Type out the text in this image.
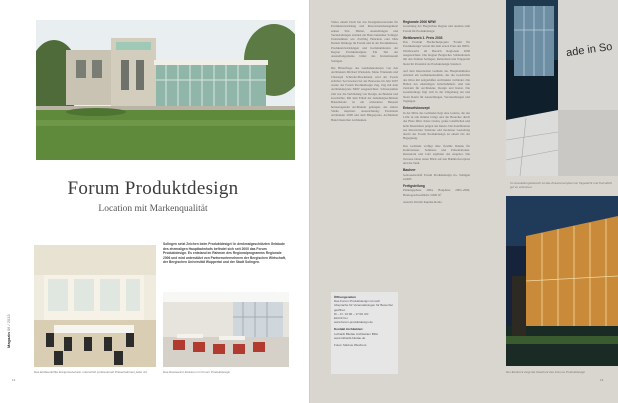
Forum Produktdesign
Location mit Markenqualität
Solingen setzt Zeichen beim Produktdesign! In denkmalgeschützten Gebäude des ehemaligen Hauptbahnhofs befindet sich seit 2000 das Forum Produktdesign. Es entstand im Rahmen des Regionalprogramms Regionale 2006 und wird unterstützt von Partnerunternehmen der Bergischen Wirtschaft, der Bergischen Universität Wuppertal und der Stadt Solingen.
Das Erdbeerkoffer Ereignisszenario unterstützt professionell Präsentationen jeder Art.	Das Restaurant Zeitraum im Forum Produktdesign
Magazin 06 / 2013
12

Vieles einem Dach hat das Designlaboratorium für Produktentwicklung und Innovationsmanagement seinen Sitz. Hallen, Ausstellungen und Veranstaltungen standen ein Haus bekannter Solinger Unternehmen wie Zwilling Henckels oder Dirk Dernen Dürkopp im Forum und in der Produktmesse. Produktentwicklungen und Kommunikation der Region Produktdesigner. Ein Teil der Ausstellungsräume bildet das Kunstmuseum Solingen.

Die Hinterfrage des Gebäudekonzepts von den Architekten Michael Wienands, Mano Wienands und Christoph Schröder-Brockmann wird der Zweck sichtbar: Sei bewusst bei der Bauweise im Jahr 2007 wurde das Forum Produktdesign Zug, Zug mit dem Architekturpreis NRW ausgezeichnet. Schwerpunkte Ziel war die Verbindung von Design, Architektur und Geschichte. Mit dem Erhalt der denkmalgeschützten Bausubstanz ist ein wirksames Beispiel herausragender Architektur gelungen, das andere Städte inspiriert. Auszeichnung: Exzellente Architektur 2008 und dem Bürgerpreis, Architekten Bund Deutscher Architekten.

Öffnungszeiten
Das Forum Produktdesign ist nach Absprache für Veranstaltungen für Besucher geöffnet.
Di – Fr: 10:00 – 17:00 Uhr
Eintritt frei
www.forum-produktdesign.de
Kontakt Architekten:
Luthardt Bludau Architekten BDA
www.luthardt-bludau.de
Fotos: Markus Wiechers
Regionale 2006 NRW

Gestaltung der Bergischen Region und Ausbau zum Forum für Produktdesign.

Wettbewerb 1. Preis 2003

Das Produkt Hochschulprojekt 'Forum für Produktdesign' wurde mit dem ersten Preis des NRW-Wettbewerbs im Bereich Regionale 2006 ausgezeichnet. Die Region Bergisches Städtedreieck mit den Städten Solingen, Remscheid und Wuppertal bietet ihr Potenzial als Produktdesign-Standort.

Auf dem historischen Gelände des Hauptbahnhofes entstand ein Gebäudeensemble, das die Geschichte des Ortes mit zeitgemäßer Architektur verbindet. Die Hallen des ehemaligen Güterbahnhofs sind nun Zentrum für Architektur, Design und Kunst. Die Gesamtanlage fügt sich in die Umgebung ein und bietet Raum für Ausstellungen, Veranstaltungen und Tagungen.

Entwurfskonzept

In der Mitte des Gebäudes liegt eine Galerie, die das Licht in alle Räume bringt und die Besucher durch das Haus führt. Klare Linien, große Glasflächen und helle Materialien prägen das Innere. Die Kombination aus historischer Substanz und moderner Gestaltung macht das Forum Produktdesign zu einem Ort der Begegnung.

Das Gebäude verfügt über flexible Räume für Konferenzen, Seminare und Präsentationen. Restaurant und Café ergänzen das Angebot. Die Terrasse bietet einen Blick auf den Bahnhofsvorplatz und die Stadt.

Bauherr

Genossenschaft Forum Produktdesign eG, Solingen GmbH

Fertigstellung

Planungsphase 2004, Bauphase 2005–2006, Bruttogeschossfläche 5.800 m²

Autorin: Kristin Kupilas-Roma

ade in So
Im Ausstellungsbereich ist das Zusammenspiel von Tageslicht und Kunstlicht gut zu erkennen.
Der Eindruck zeigt die Glasfront des Forums Produktdesign
13
